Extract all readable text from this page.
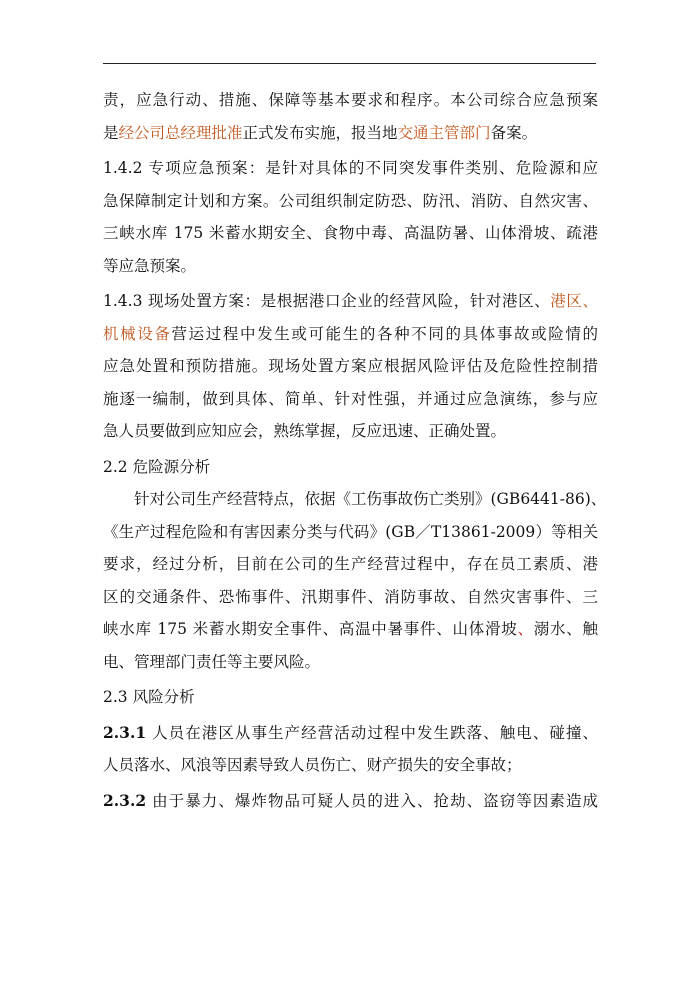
责，应急行动、措施、保障等基本要求和程序。本公司综合应急预案
是经公司总经理批准正式发布实施，报当地交通主管部门备案。
1.4.2 专项应急预案：是针对具体的不同突发事件类别、危险源和应
急保障制定计划和方案。公司组织制定防恐、防汛、消防、自然灾害、
三峡水库 175 米蓄水期安全、食物中毒、高温防暑、山体滑坡、疏港
等应急预案。
1.4.3 现场处置方案：是根据港口企业的经营风险，针对港区、港区、
机械设备营运过程中发生或可能生的各种不同的具体事故或险情的
应急处置和预防措施。现场处置方案应根据风险评估及危险性控制措
施逐一编制，做到具体、简单、针对性强，并通过应急演练，参与应
急人员要做到应知应会，熟练掌握，反应迅速、正确处置。
2.2 危险源分析
针对公司生产经营特点，依据《工伤事故伤亡类别》(GB6441-86)、
《生产过程危险和有害因素分类与代码》(GB／T13861-2009）等相关
要求，经过分析，目前在公司的生产经营过程中，存在员工素质、港
区的交通条件、恐怖事件、汛期事件、消防事故、自然灾害事件、三
峡水库 175 米蓄水期安全事件、高温中暑事件、山体滑坡、溺水、触
电、管理部门责任等主要风险。
2.3 风险分析
2.3.1 人员在港区从事生产经营活动过程中发生跌落、触电、碰撞、
人员落水、风浪等因素导致人员伤亡、财产损失的安全事故；
2.3.2 由于暴力、爆炸物品可疑人员的进入、抢劫、盗窃等因素造成
